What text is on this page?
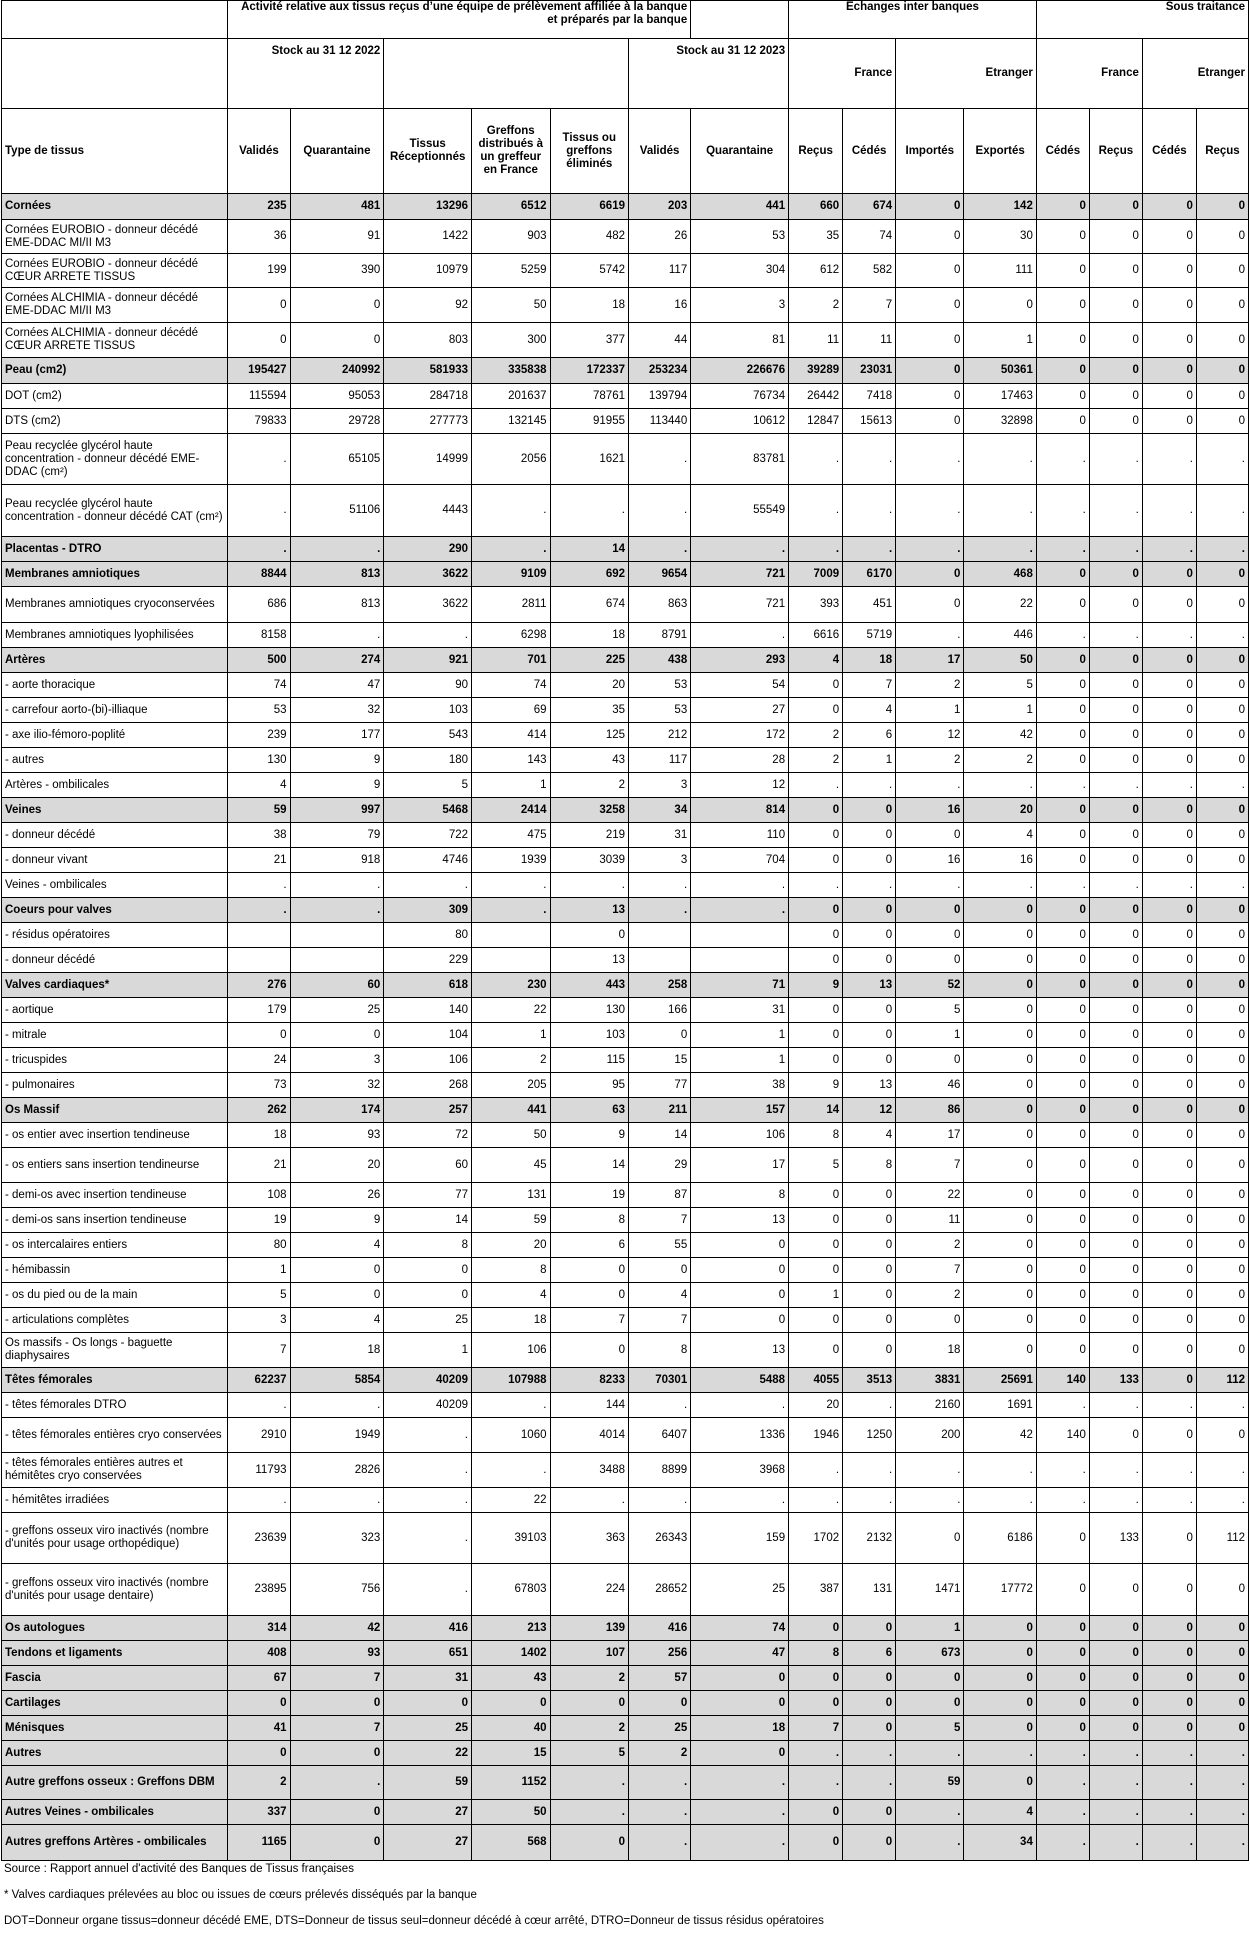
	Activité relative aux tissus reçus d’une équipe de prélèvement affiliée à la banque et préparés par la banque							Echanges inter banques				Sous traitance			
	Stock au 31 12 2022					Stock au 31 12 2023		France		Etranger		France		Etranger	
Type de tissus	Validés	Quarantaine	Tissus Réceptionnés	Greffons distribués à un greffeur en France	Tissus ou greffons éliminés	Validés	Quarantaine	Reçus	Cédés	Importés	Exportés	Cédés	Reçus	Cédés	Reçus
Cornées	235	481	13296	6512	6619	203	441	660	674	0	142	0	0	0	0
Cornées EUROBIO - donneur décédé EME-DDAC MI/II M3	36	91	1422	903	482	26	53	35	74	0	30	0	0	0	0
Cornées EUROBIO - donneur décédé CŒUR ARRETE TISSUS	199	390	10979	5259	5742	117	304	612	582	0	111	0	0	0	0
Cornées ALCHIMIA - donneur décédé EME-DDAC MI/II M3	0	0	92	50	18	16	3	2	7	0	0	0	0	0	0
Cornées ALCHIMIA - donneur décédé CŒUR ARRETE TISSUS	0	0	803	300	377	44	81	11	11	0	1	0	0	0	0
Peau (cm2)	195427	240992	581933	335838	172337	253234	226676	39289	23031	0	50361	0	0	0	0
DOT (cm2)	115594	95053	284718	201637	78761	139794	76734	26442	7418	0	17463	0	0	0	0
DTS (cm2)	79833	29728	277773	132145	91955	113440	10612	12847	15613	0	32898	0	0	0	0
Peau recyclée glycérol haute concentration - donneur décédé EME-DDAC (cm²)	.	65105	14999	2056	1621	.	83781	.	.	.	.	.	.	.	.
Peau recyclée glycérol haute concentration - donneur décédé CAT (cm²)	.	51106	4443	.	.	.	55549	.	.	.	.	.	.	.	.
Placentas - DTRO	.	.	290	.	14	.	.	.	.	.	.	.	.	.	.
Membranes amniotiques	8844	813	3622	9109	692	9654	721	7009	6170	0	468	0	0	0	0
Membranes amniotiques cryoconservées	686	813	3622	2811	674	863	721	393	451	0	22	0	0	0	0
Membranes amniotiques lyophilisées	8158	.	.	6298	18	8791	.	6616	5719	.	446	.	.	.	.
Artères	500	274	921	701	225	438	293	4	18	17	50	0	0	0	0
- aorte thoracique	74	47	90	74	20	53	54	0	7	2	5	0	0	0	0
- carrefour aorto-(bi)-illiaque	53	32	103	69	35	53	27	0	4	1	1	0	0	0	0
- axe ilio-fémoro-poplité	239	177	543	414	125	212	172	2	6	12	42	0	0	0	0
- autres	130	9	180	143	43	117	28	2	1	2	2	0	0	0	0
Artères - ombilicales	4	9	5	1	2	3	12	.	.	.	.	.	.	.	.
Veines	59	997	5468	2414	3258	34	814	0	0	16	20	0	0	0	0
- donneur décédé	38	79	722	475	219	31	110	0	0	0	4	0	0	0	0
- donneur vivant	21	918	4746	1939	3039	3	704	0	0	16	16	0	0	0	0
Veines - ombilicales	.	.	.	.	.	.	.	.	.	.	.	.	.	.	.
Coeurs pour valves	.	.	309	.	13	.	.	0	0	0	0	0	0	0	0
- résidus opératoires			80		0			0	0	0	0	0	0	0	0
- donneur décédé			229		13			0	0	0	0	0	0	0	0
Valves cardiaques*	276	60	618	230	443	258	71	9	13	52	0	0	0	0	0
- aortique	179	25	140	22	130	166	31	0	0	5	0	0	0	0	0
- mitrale	0	0	104	1	103	0	1	0	0	1	0	0	0	0	0
- tricuspides	24	3	106	2	115	15	1	0	0	0	0	0	0	0	0
- pulmonaires	73	32	268	205	95	77	38	9	13	46	0	0	0	0	0
Os Massif	262	174	257	441	63	211	157	14	12	86	0	0	0	0	0
- os entier avec insertion tendineuse	18	93	72	50	9	14	106	8	4	17	0	0	0	0	0
- os entiers sans insertion tendineurse	21	20	60	45	14	29	17	5	8	7	0	0	0	0	0
- demi-os avec insertion tendineuse	108	26	77	131	19	87	8	0	0	22	0	0	0	0	0
- demi-os sans insertion tendineuse	19	9	14	59	8	7	13	0	0	11	0	0	0	0	0
- os intercalaires entiers	80	4	8	20	6	55	0	0	0	2	0	0	0	0	0
- hémibassin	1	0	0	8	0	0	0	0	0	7	0	0	0	0	0
- os du pied ou de la main	5	0	0	4	0	4	0	1	0	2	0	0	0	0	0
- articulations complètes	3	4	25	18	7	7	0	0	0	0	0	0	0	0	0
Os massifs - Os longs - baguette diaphysaires	7	18	1	106	0	8	13	0	0	18	0	0	0	0	0
Têtes fémorales	62237	5854	40209	107988	8233	70301	5488	4055	3513	3831	25691	140	133	0	112
- têtes fémorales DTRO	.	.	40209	.	144	.	.	20	.	2160	1691	.	.	.	.
- têtes fémorales entières cryo conservées	2910	1949	.	1060	4014	6407	1336	1946	1250	200	42	140	0	0	0
- têtes fémorales entières autres et hémitêtes cryo conservées	11793	2826	.	.	3488	8899	3968	.	.	.	.	.	.	.	.
- hémitêtes irradiées	.	.	.	22	.	.	.	.	.	.	.	.	.	.	.
- greffons osseux viro inactivés (nombre d'unités pour usage orthopédique)	23639	323	.	39103	363	26343	159	1702	2132	0	6186	0	133	0	112
- greffons osseux viro inactivés (nombre d'unités pour usage dentaire)	23895	756	.	67803	224	28652	25	387	131	1471	17772	0	0	0	0
Os autologues	314	42	416	213	139	416	74	0	0	1	0	0	0	0	0
Tendons et ligaments	408	93	651	1402	107	256	47	8	6	673	0	0	0	0	0
Fascia	67	7	31	43	2	57	0	0	0	0	0	0	0	0	0
Cartilages	0	0	0	0	0	0	0	0	0	0	0	0	0	0	0
Ménisques	41	7	25	40	2	25	18	7	0	5	0	0	0	0	0
Autres	0	0	22	15	5	2	0	.	.	.	.	.	.	.	.
Autre greffons osseux : Greffons DBM	2	.	59	1152	.	.	.	.	.	59	0	.	.	.	.
Autres Veines - ombilicales	337	0	27	50	.	.	.	0	0	.	4	.	.	.	.
Autres greffons Artères - ombilicales	1165	0	27	568	0	.	.	0	0	.	34	.	.	.	.
Source : Rapport annuel d'activité des Banques de Tissus françaises
* Valves cardiaques prélevées au bloc ou issues de cœurs prélevés disséqués par la banque
DOT=Donneur organe tissus=donneur décédé EME, DTS=Donneur de tissus seul=donneur décédé à cœur arrêté, DTRO=Donneur de tissus résidus opératoires
